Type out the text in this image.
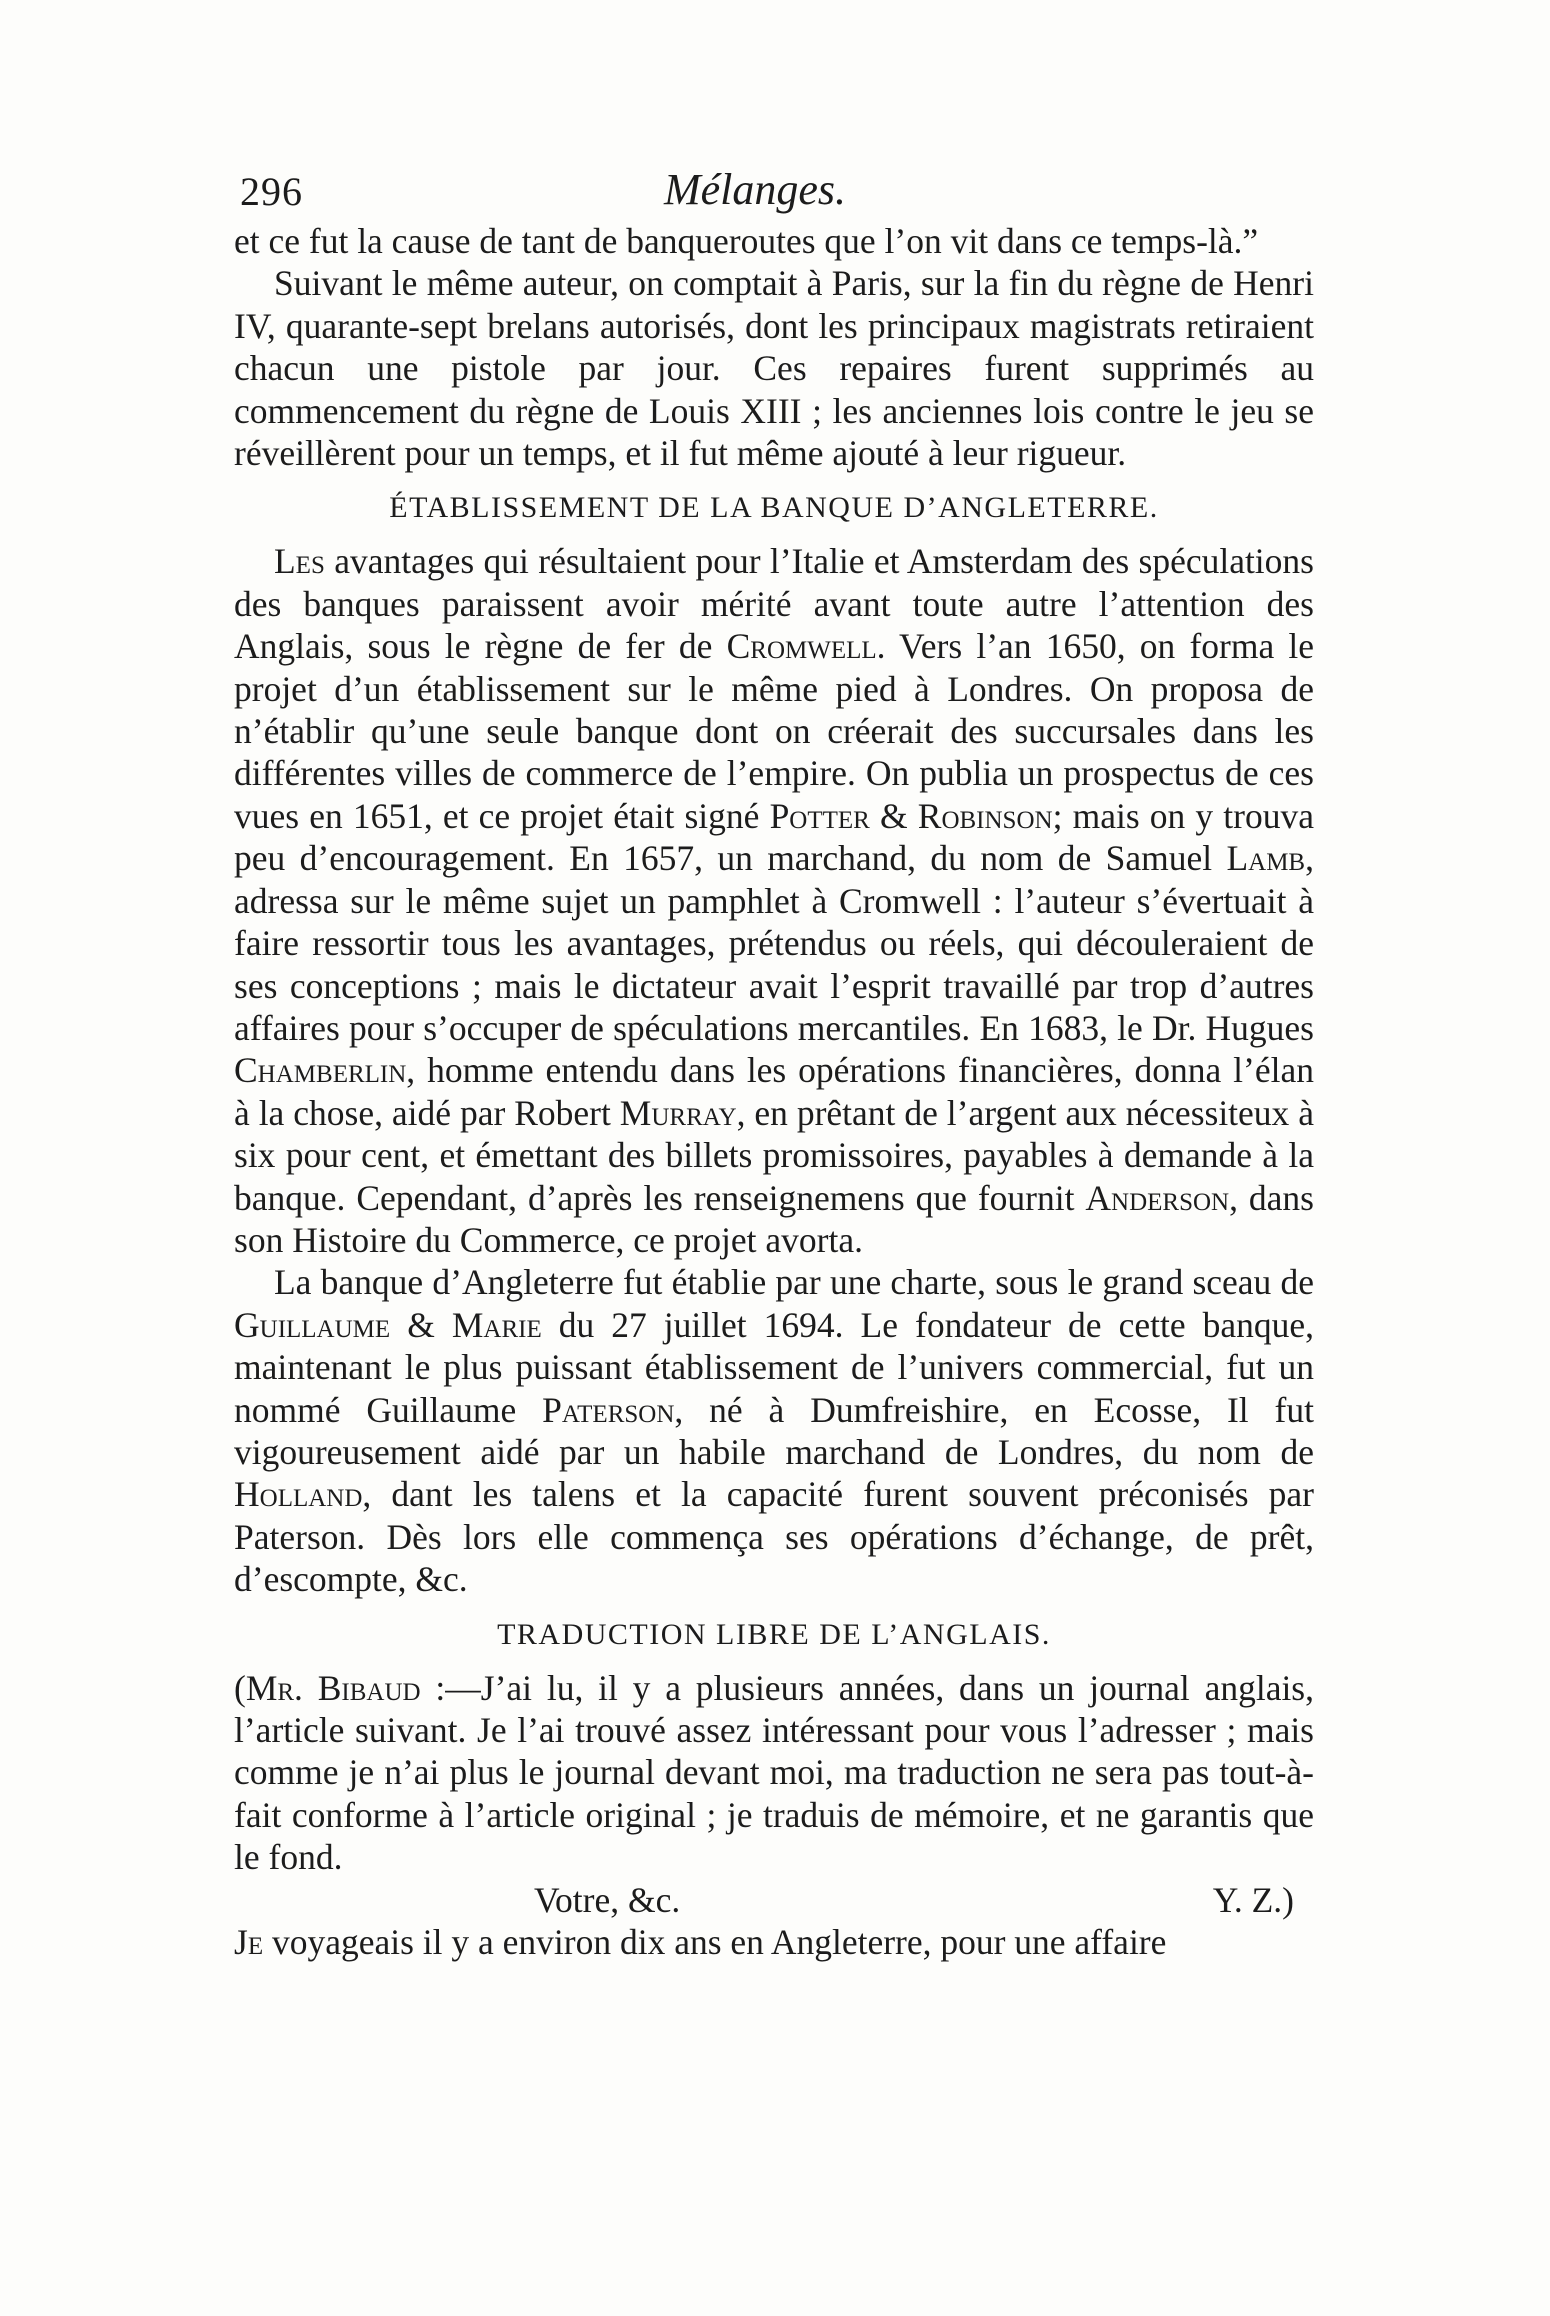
296	Mélanges.

et ce fut la cause de tant de banqueroutes que l’on vit dans ce temps-là.”

Suivant le même auteur, on comptait à Paris, sur la fin du règne de Henri IV, quarante-sept brelans autorisés, dont les principaux magistrats retiraient chacun une pistole par jour. Ces repaires furent supprimés au commencement du règne de Louis XIII ; les anciennes lois contre le jeu se réveillèrent pour un temps, et il fut même ajouté à leur rigueur.

ÉTABLISSEMENT DE LA BANQUE D’ANGLETERRE.

Les avantages qui résultaient pour l’Italie et Amsterdam des spéculations des banques paraissent avoir mérité avant toute autre l’attention des Anglais, sous le règne de fer de Cromwell. Vers l’an 1650, on forma le projet d’un établissement sur le même pied à Londres. On proposa de n’établir qu’une seule banque dont on créerait des succursales dans les différentes villes de commerce de l’empire. On publia un prospectus de ces vues en 1651, et ce projet était signé Potter & Robinson; mais on y trouva peu d’encouragement. En 1657, un marchand, du nom de Samuel Lamb, adressa sur le même sujet un pamphlet à Cromwell : l’auteur s’évertuait à faire ressortir tous les avantages, prétendus ou réels, qui découleraient de ses conceptions ; mais le dictateur avait l’esprit travaillé par trop d’autres affaires pour s’occuper de spéculations mercantiles. En 1683, le Dr. Hugues Chamberlin, homme entendu dans les opérations financières, donna l’élan à la chose, aidé par Robert Murray, en prêtant de l’argent aux nécessiteux à six pour cent, et émettant des billets promissoires, payables à demande à la banque. Cependant, d’après les renseignemens que fournit Anderson, dans son Histoire du Commerce, ce projet avorta.

La banque d’Angleterre fut établie par une charte, sous le grand sceau de Guillaume & Marie du 27 juillet 1694. Le fondateur de cette banque, maintenant le plus puissant établissement de l’univers commercial, fut un nommé Guillaume Paterson, né à Dumfreishire, en Ecosse, Il fut vigoureusement aidé par un habile marchand de Londres, du nom de Holland, dant les talens et la capacité furent souvent préconisés par Paterson. Dès lors elle commença ses opérations d’échange, de prêt, d’escompte, &c.

TRADUCTION LIBRE DE L’ANGLAIS.

(Mr. Bibaud :—J’ai lu, il y a plusieurs années, dans un journal anglais, l’article suivant. Je l’ai trouvé assez intéressant pour vous l’adresser ; mais comme je n’ai plus le journal devant moi, ma traduction ne sera pas tout-à-fait conforme à l’article original ; je traduis de mémoire, et ne garantis que le fond.

Votre, &c.	Y. Z.)

Je voyageais il y a environ dix ans en Angleterre, pour une affaire
